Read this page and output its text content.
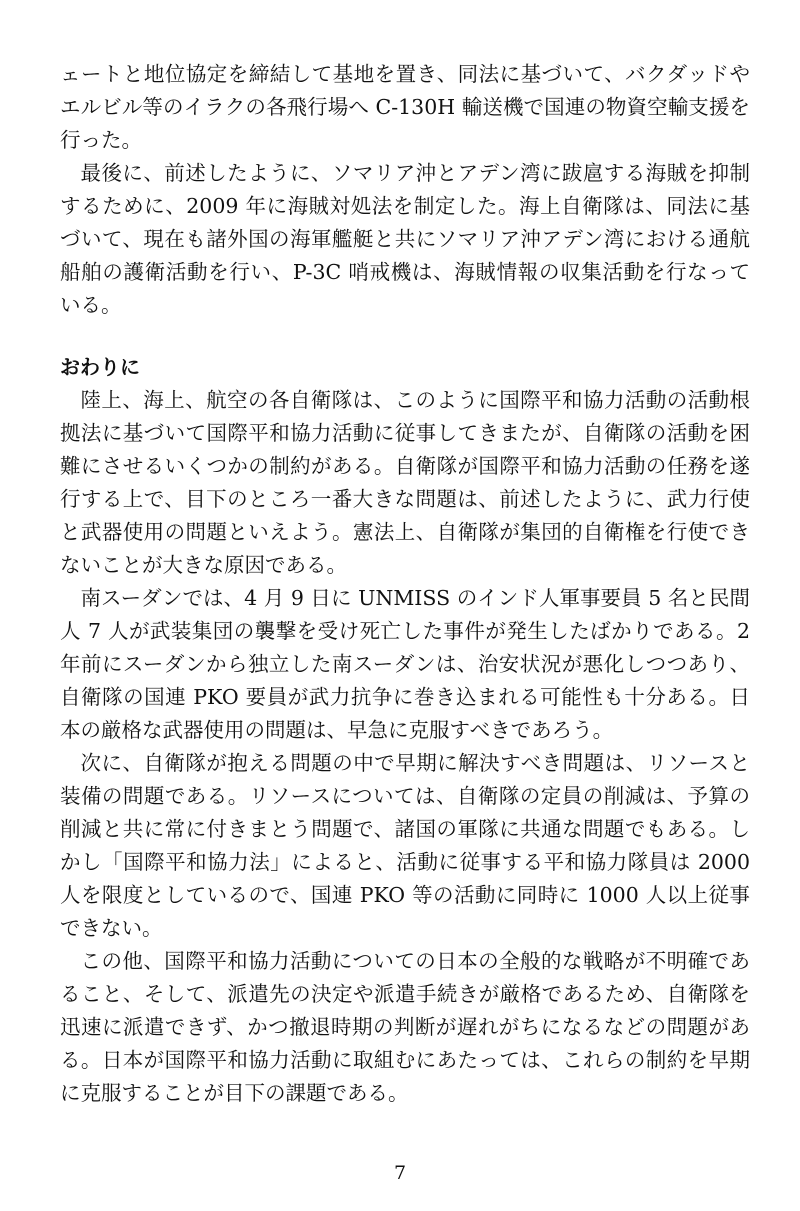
ェートと地位協定を締結して基地を置き、同法に基づいて、バクダッドやエルビル等のイラクの各飛行場へ C-130H 輸送機で国連の物資空輸支援を行った。

最後に、前述したように、ソマリア沖とアデン湾に跋扈する海賊を抑制するために、2009 年に海賊対処法を制定した。海上自衛隊は、同法に基づいて、現在も諸外国の海軍艦艇と共にソマリア沖アデン湾における通航船舶の護衛活動を行い、P-3C 哨戒機は、海賊情報の収集活動を行なっている。

おわりに

陸上、海上、航空の各自衛隊は、このように国際平和協力活動の活動根拠法に基づいて国際平和協力活動に従事してきまたが、自衛隊の活動を困難にさせるいくつかの制約がある。自衛隊が国際平和協力活動の任務を遂行する上で、目下のところ一番大きな問題は、前述したように、武力行使と武器使用の問題といえよう。憲法上、自衛隊が集団的自衛権を行使できないことが大きな原因である。

南スーダンでは、4 月 9 日に UNMISS のインド人軍事要員 5 名と民間人 7 人が武装集団の襲撃を受け死亡した事件が発生したばかりである。2 年前にスーダンから独立した南スーダンは、治安状況が悪化しつつあり、自衛隊の国連 PKO 要員が武力抗争に巻き込まれる可能性も十分ある。日本の厳格な武器使用の問題は、早急に克服すべきであろう。

次に、自衛隊が抱える問題の中で早期に解決すべき問題は、リソースと装備の問題である。リソースについては、自衛隊の定員の削減は、予算の削減と共に常に付きまとう問題で、諸国の軍隊に共通な問題でもある。しかし「国際平和協力法」によると、活動に従事する平和協力隊員は 2000 人を限度としているので、国連 PKO 等の活動に同時に 1000 人以上従事できない。

この他、国際平和協力活動についての日本の全般的な戦略が不明確であること、そして、派遣先の決定や派遣手続きが厳格であるため、自衛隊を迅速に派遣できず、かつ撤退時期の判断が遅れがちになるなどの問題がある。日本が国際平和協力活動に取組むにあたっては、これらの制約を早期に克服することが目下の課題である。

7
